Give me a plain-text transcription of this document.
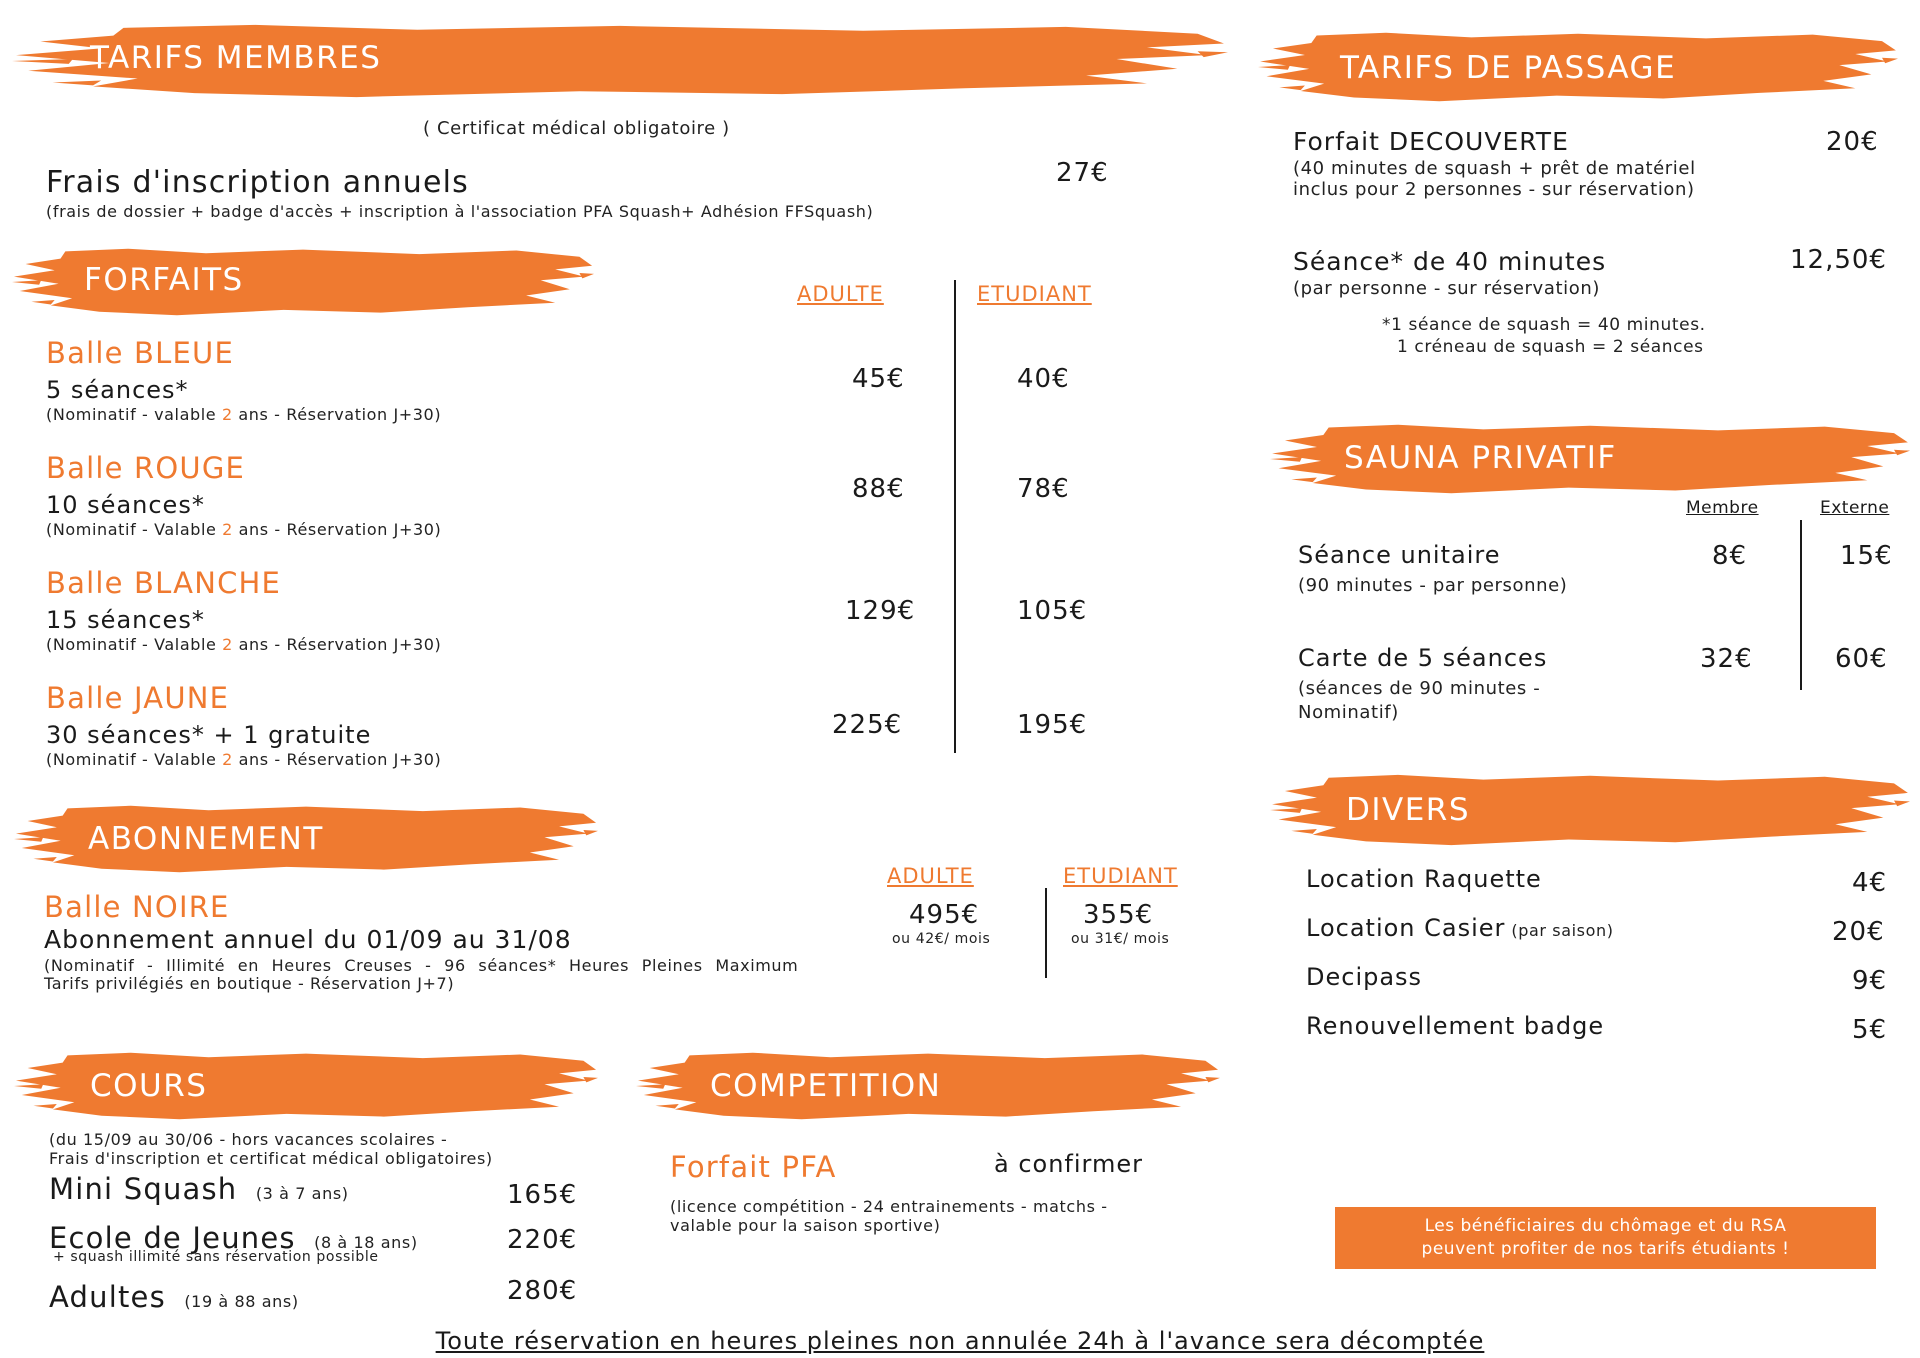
TARIFS MEMBRES
( Certificat médical obligatoire )
Frais d'inscription annuels	27€
(frais de dossier + badge d'accès + inscription à l'association PFA Squash+ Adhésion FFSquash)
FORFAITS	ADULTE	ETUDIANT
Balle BLEUE
5 séances*
(Nominatif - valable 2 ans - Réservation J+30)
45€	40€
Balle ROUGE
10 séances*
(Nominatif - Valable 2 ans - Réservation J+30)
88€	78€
Balle BLANCHE
15 séances*
(Nominatif - Valable 2 ans - Réservation J+30)
129€	105€
Balle JAUNE
30 séances* + 1 gratuite
(Nominatif - Valable 2 ans - Réservation J+30)
225€	195€
ABONNEMENT
Balle NOIRE
Abonnement annuel du 01/09 au 31/08
(Nominatif - Illimité en Heures Creuses - 96 séances* Heures Pleines Maximum
Tarifs privilégiés en boutique - Réservation J+7)
ADULTE	ETUDIANT
495€
ou 42€/ mois
355€
ou 31€/ mois
COURS
(du 15/09 au 30/06 - hors vacances scolaires -
Frais d'inscription et certificat médical obligatoires)
Mini Squash (3 à 7 ans)	165€
Ecole de Jeunes (8 à 18 ans)
+ squash illimité sans réservation possible
220€
Adultes (19 à 88 ans)	280€
COMPETITION
Forfait PFA	à confirmer
(licence compétition - 24 entrainements - matchs -
valable pour la saison sportive)
TARIFS DE PASSAGE
Forfait DECOUVERTE	20€
(40 minutes de squash + prêt de matériel
inclus pour 2 personnes - sur réservation)
Séance* de 40 minutes	12,50€
(par personne - sur réservation)
*1 séance de squash = 40 minutes.
1 créneau de squash = 2 séances
SAUNA PRIVATIF
Membre	Externe
Séance unitaire
(90 minutes - par personne)
8€	15€
Carte de 5 séances
(séances de 90 minutes -
Nominatif)
32€	60€
DIVERS
Location Raquette	4€
Location Casier (par saison)	20€
Decipass	9€
Renouvellement badge	5€
Les bénéficiaires du chômage et du RSA
peuvent profiter de nos tarifs étudiants !
Toute réservation en heures pleines non annulée 24h à l'avance sera décomptée
